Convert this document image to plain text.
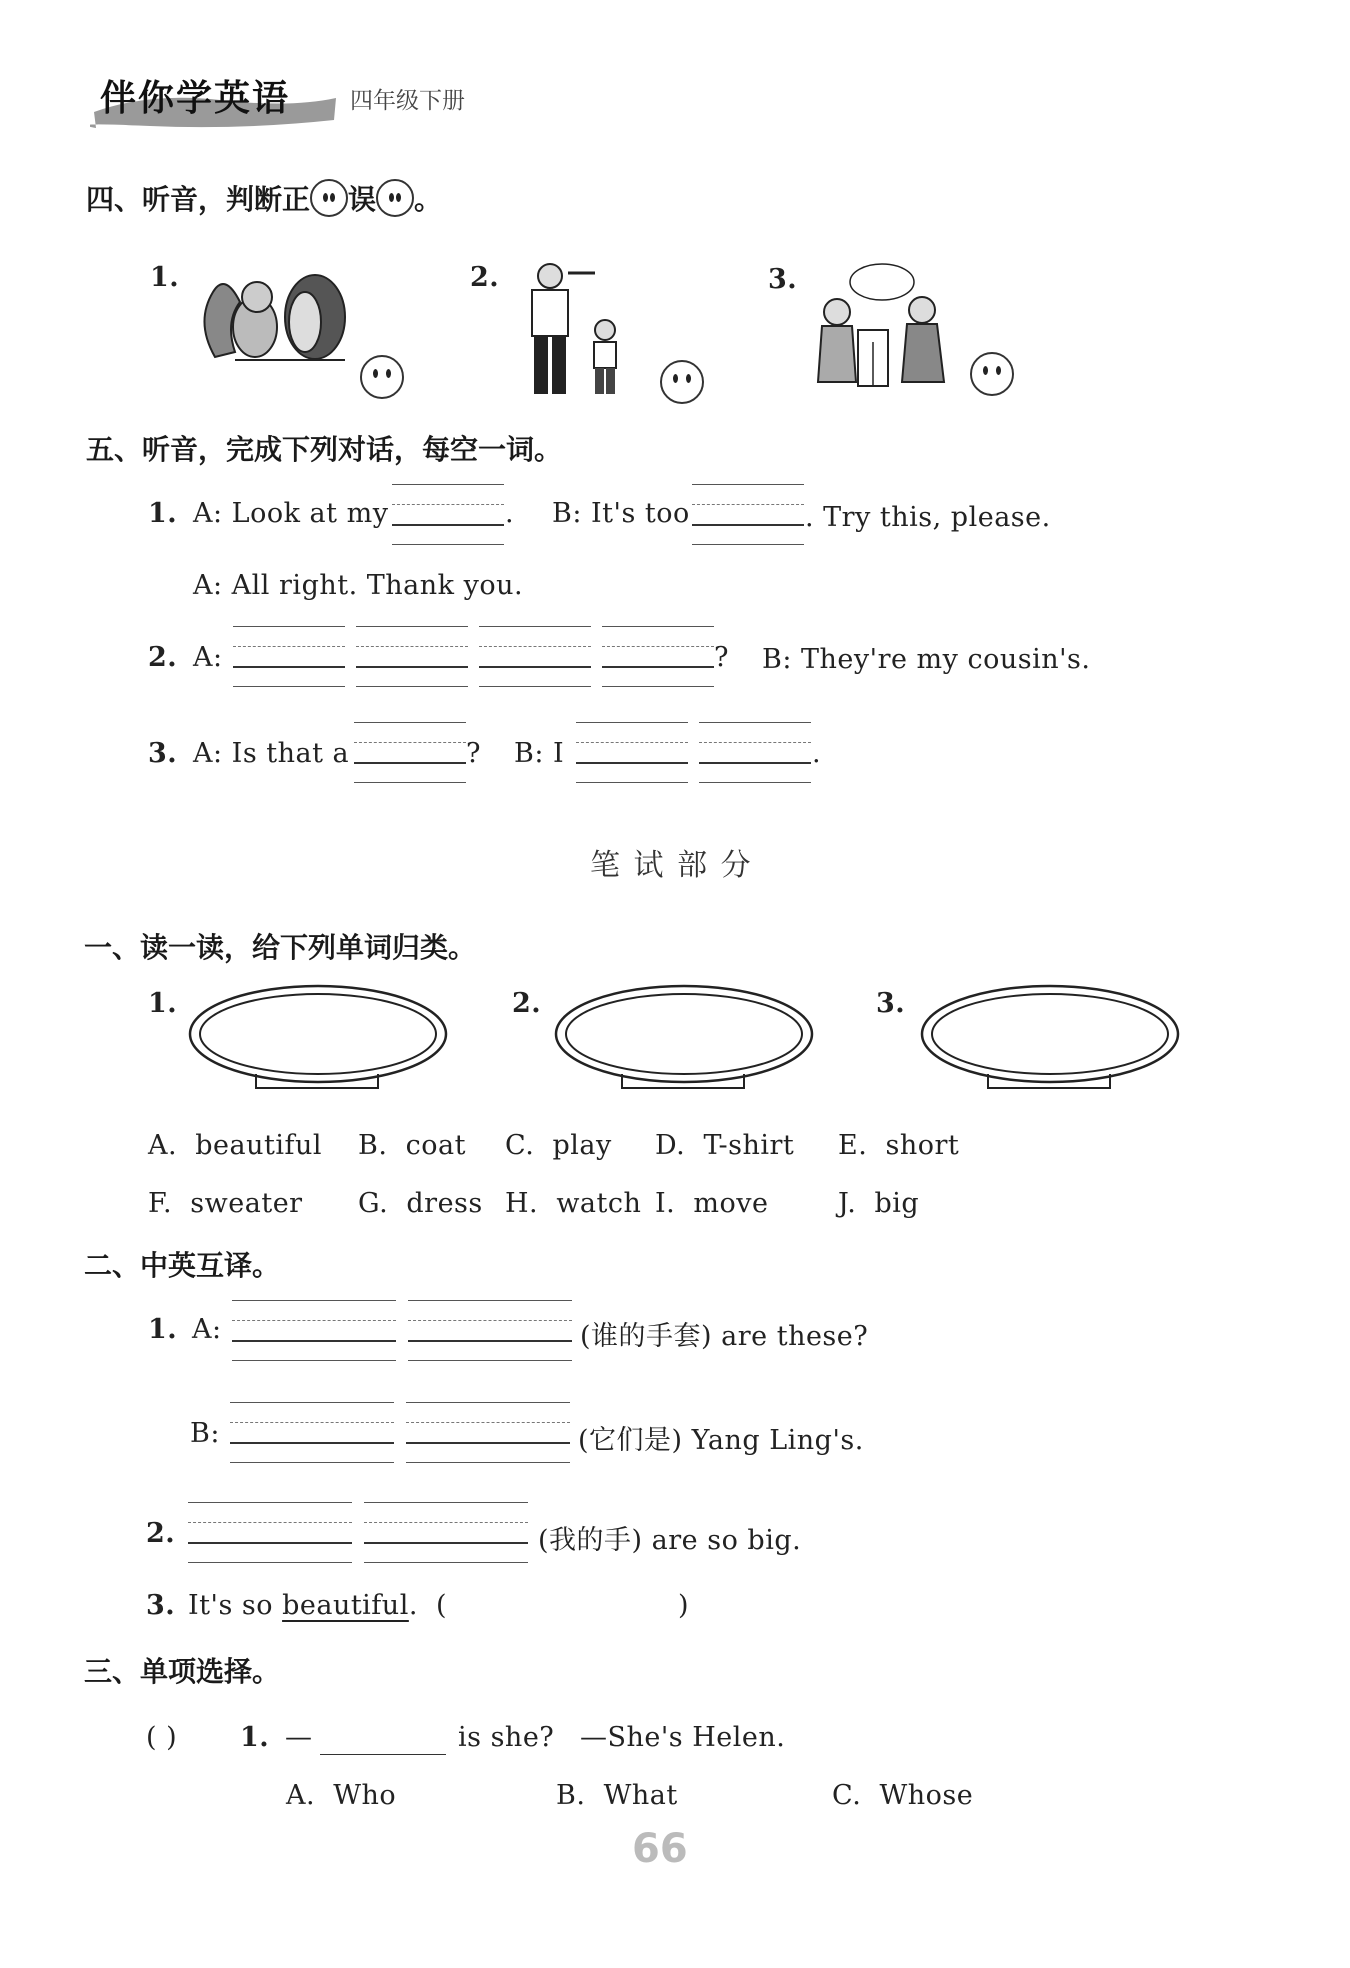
伴你学英语	四年级下册
四、听音，判断正 误 。
1.	2.	3.
五、听音，完成下列对话，每空一词。
1. A: Look at my	. B: It's too	. Try this, please.
A: All right. Thank you.
2. A:	? B: They're my cousin's.
3. A: Is that a	? B: I	.
笔 试 部 分
一、读一读，给下列单词归类。
1.	2.	3.
A. beautiful B. coat C. play D. T-shirt E. short
F. sweater G. dress H. watch I. move	J. big
二、中英互译。
1. A:	(谁的手套) are these?
B:	(它们是) Yang Ling's.
2.	(我的手) are so big.
3. It's so beautiful. (	)
三、单项选择。
( ) 1. —	is she? —She's Helen.
A. Who	B. What	C. Whose
66
